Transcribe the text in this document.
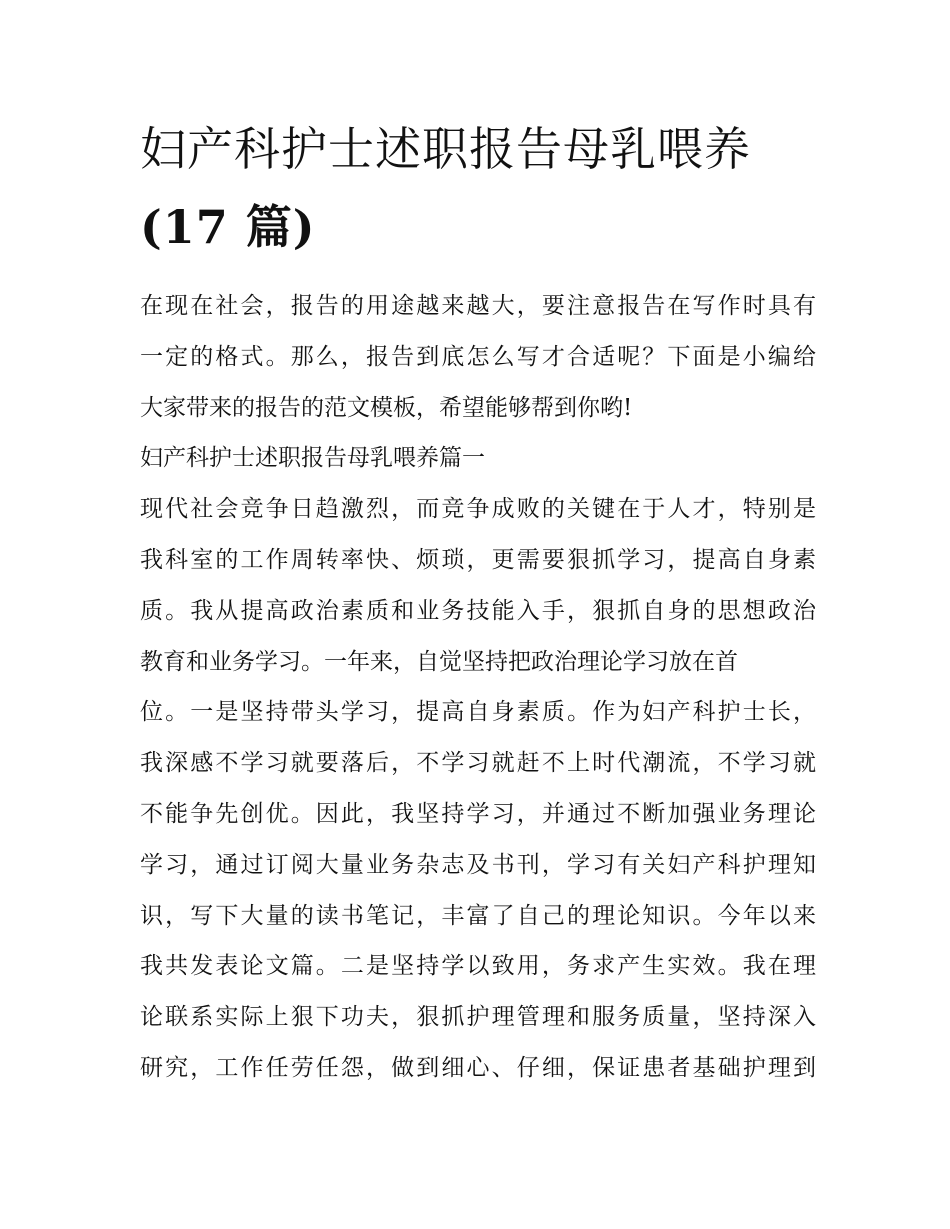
妇产科护士述职报告母乳喂养
(17 篇)
在现在社会，报告的用途越来越大，要注意报告在写作时具有
一定的格式。那么，报告到底怎么写才合适呢？下面是小编给
大家带来的报告的范文模板，希望能够帮到你哟!
妇产科护士述职报告母乳喂养篇一
现代社会竞争日趋激烈，而竞争成败的关键在于人才，特别是
我科室的工作周转率快、烦琐，更需要狠抓学习，提高自身素
质。我从提高政治素质和业务技能入手，狠抓自身的思想政治
教育和业务学习。一年来，自觉坚持把政治理论学习放在首
位。一是坚持带头学习，提高自身素质。作为妇产科护士长，
我深感不学习就要落后，不学习就赶不上时代潮流，不学习就
不能争先创优。因此，我坚持学习，并通过不断加强业务理论
学习，通过订阅大量业务杂志及书刊，学习有关妇产科护理知
识，写下大量的读书笔记，丰富了自己的理论知识。今年以来
我共发表论文篇。二是坚持学以致用，务求产生实效。我在理
论联系实际上狠下功夫，狠抓护理管理和服务质量，坚持深入
研究，工作任劳任怨，做到细心、仔细，保证患者基础护理到
